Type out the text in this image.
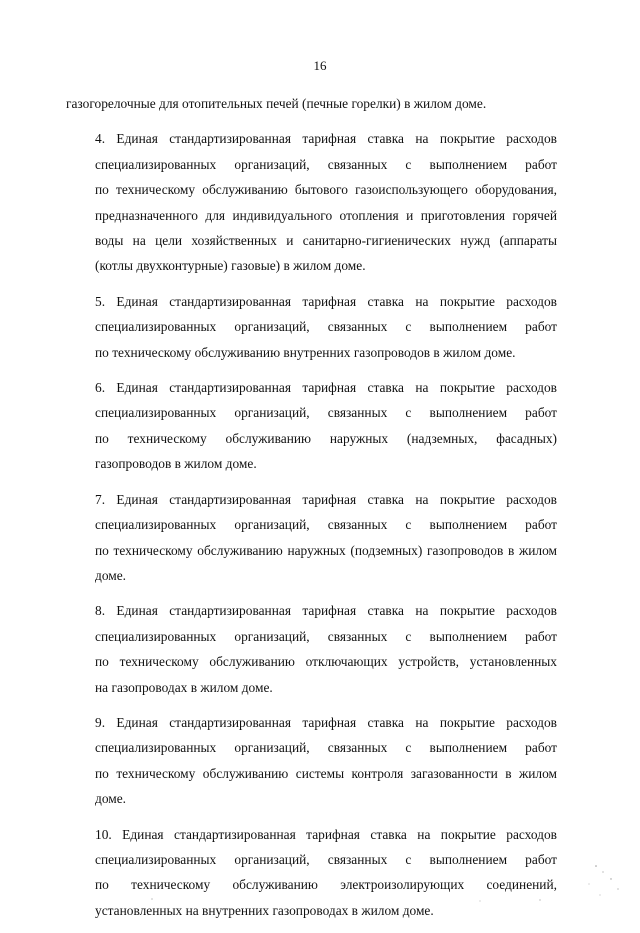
16

газогорелочные для отопительных печей (печные горелки) в жилом доме.

4. Единая стандартизированная тарифная ставка на покрытие расходов
специализированных организаций, связанных с выполнением работ
по техническому обслуживанию бытового газоиспользующего оборудования,
предназначенного для индивидуального отопления и приготовления горячей
воды на цели хозяйственных и санитарно-гигиенических нужд (аппараты
(котлы двухконтурные) газовые) в жилом доме.

5. Единая стандартизированная тарифная ставка на покрытие расходов
специализированных организаций, связанных с выполнением работ
по техническому обслуживанию внутренних газопроводов в жилом доме.

6. Единая стандартизированная тарифная ставка на покрытие расходов
специализированных организаций, связанных с выполнением работ
по техническому обслуживанию наружных (надземных, фасадных)
газопроводов в жилом доме.

7. Единая стандартизированная тарифная ставка на покрытие расходов
специализированных организаций, связанных с выполнением работ
по техническому обслуживанию наружных (подземных) газопроводов в жилом
доме.

8. Единая стандартизированная тарифная ставка на покрытие расходов
специализированных организаций, связанных с выполнением работ
по техническому обслуживанию отключающих устройств, установленных
на газопроводах в жилом доме.

9. Единая стандартизированная тарифная ставка на покрытие расходов
специализированных организаций, связанных с выполнением работ
по техническому обслуживанию системы контроля загазованности в жилом
доме.

10. Единая стандартизированная тарифная ставка на покрытие расходов
специализированных организаций, связанных с выполнением работ
по техническому обслуживанию электроизолирующих соединений,
установленных на внутренних газопроводах в жилом доме.
